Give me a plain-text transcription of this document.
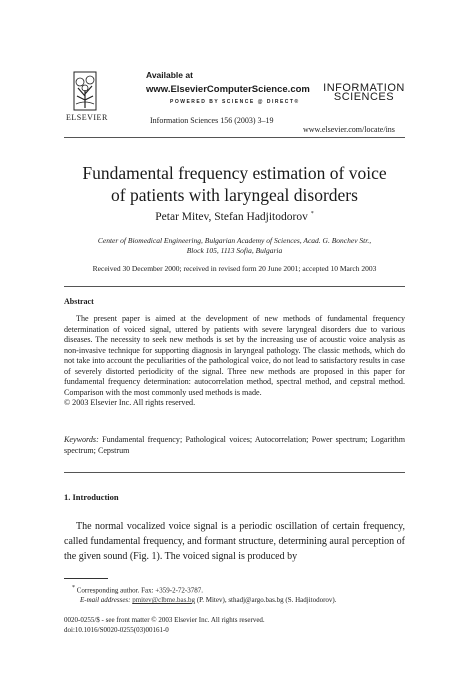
ELSEVIER
Available at
www.ElsevierComputerScience.com
POWERED BY SCIENCE @ DIRECT®
Information Sciences 156 (2003) 3–19
INFORMATION
SCIENCES
www.elsevier.com/locate/ins
Fundamental frequency estimation of voice
of patients with laryngeal disorders
Petar Mitev, Stefan Hadjitodorov *
Center of Biomedical Engineering, Bulgarian Academy of Sciences, Acad. G. Bonchev Str.,
Block 105, 1113 Sofia, Bulgaria
Received 30 December 2000; received in revised form 20 June 2001; accepted 10 March 2003
Abstract
The present paper is aimed at the development of new methods of fundamental frequency determination of voiced signal, uttered by patients with severe laryngeal disorders due to various diseases. The necessity to seek new methods is set by the increasing use of acoustic voice analysis as non-invasive technique for supporting diagnosis in laryngeal pathology. The classic methods, which do not take into account the peculiarities of the pathological voice, do not lead to satisfactory results in case of severely distorted periodicity of the signal. Three new methods are proposed in this paper for fundamental frequency determination: autocorrelation method, spectral method, and cepstral method. Comparison with the most commonly used methods is made.
© 2003 Elsevier Inc. All rights reserved.
Keywords: Fundamental frequency; Pathological voices; Autocorrelation; Power spectrum; Logarithm spectrum; Cepstrum
1. Introduction
The normal vocalized voice signal is a periodic oscillation of certain frequency, called fundamental frequency, and formant structure, determining aural perception of the given sound (Fig. 1). The voiced signal is produced by
* Corresponding author. Fax: +359-2-72-3787.
E-mail addresses: pmitev@clbme.bas.bg (P. Mitev), sthadj@argo.bas.bg (S. Hadjitodorov).
0020-0255/$ - see front matter © 2003 Elsevier Inc. All rights reserved.
doi:10.1016/S0020-0255(03)00161-0
